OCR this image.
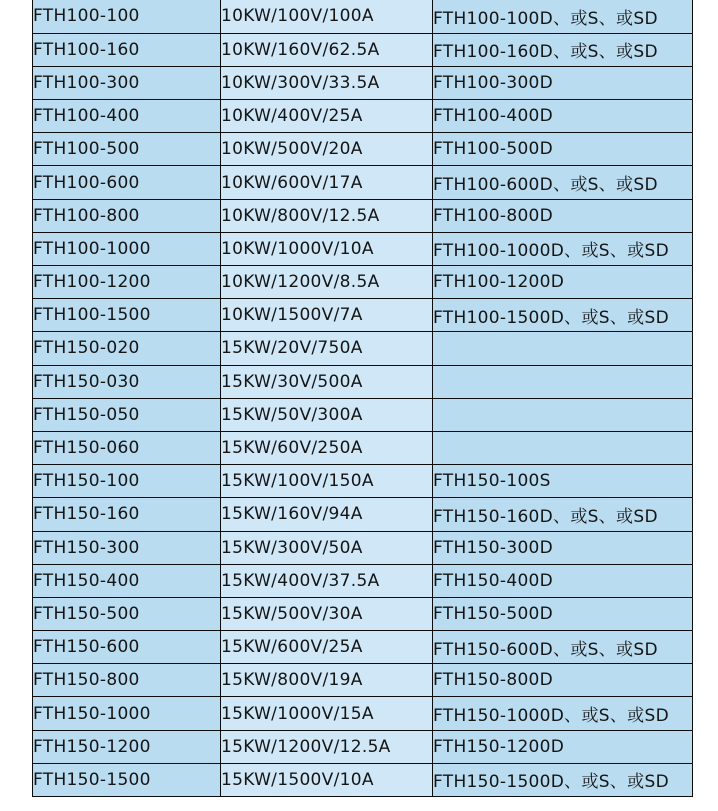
FTH100-100	10KW/100V/100A	FTH100-100D、或S、或SD
FTH100-160	10KW/160V/62.5A	FTH100-160D、或S、或SD
FTH100-300	10KW/300V/33.5A	FTH100-300D
FTH100-400	10KW/400V/25A	FTH100-400D
FTH100-500	10KW/500V/20A	FTH100-500D
FTH100-600	10KW/600V/17A	FTH100-600D、或S、或SD
FTH100-800	10KW/800V/12.5A	FTH100-800D
FTH100-1000	10KW/1000V/10A	FTH100-1000D、或S、或SD
FTH100-1200	10KW/1200V/8.5A	FTH100-1200D
FTH100-1500	10KW/1500V/7A	FTH100-1500D、或S、或SD
FTH150-020	15KW/20V/750A	
FTH150-030	15KW/30V/500A	
FTH150-050	15KW/50V/300A	
FTH150-060	15KW/60V/250A	
FTH150-100	15KW/100V/150A	FTH150-100S
FTH150-160	15KW/160V/94A	FTH150-160D、或S、或SD
FTH150-300	15KW/300V/50A	FTH150-300D
FTH150-400	15KW/400V/37.5A	FTH150-400D
FTH150-500	15KW/500V/30A	FTH150-500D
FTH150-600	15KW/600V/25A	FTH150-600D、或S、或SD
FTH150-800	15KW/800V/19A	FTH150-800D
FTH150-1000	15KW/1000V/15A	FTH150-1000D、或S、或SD
FTH150-1200	15KW/1200V/12.5A	FTH150-1200D
FTH150-1500	15KW/1500V/10A	FTH150-1500D、或S、或SD
